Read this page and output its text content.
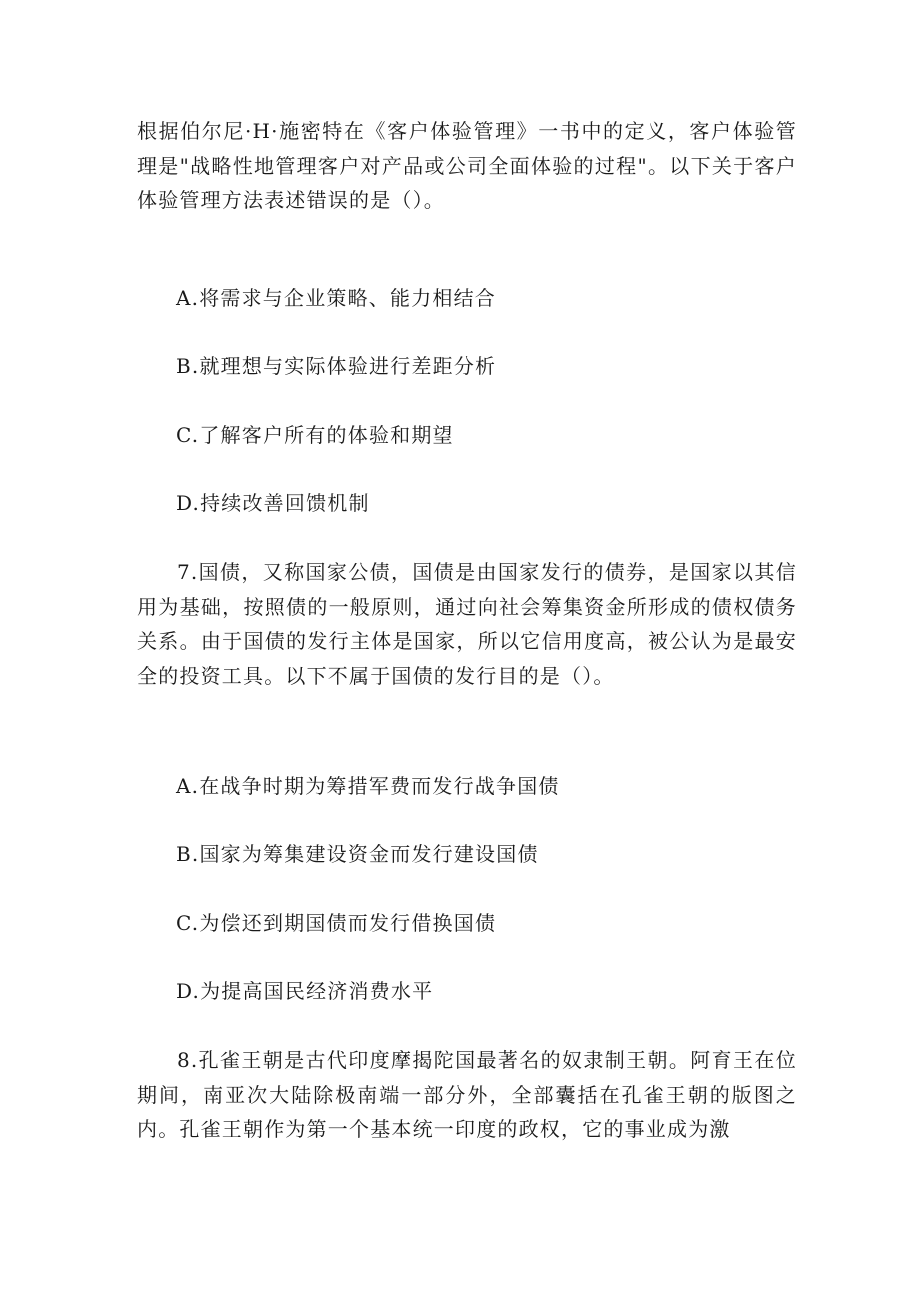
根据伯尔尼·H·施密特在《客户体验管理》一书中的定义，客户体验管理是"战略性地管理客户对产品或公司全面体验的过程"。以下关于客户体验管理方法表述错误的是（）。

A.将需求与企业策略、能力相结合

B.就理想与实际体验进行差距分析

C.了解客户所有的体验和期望

D.持续改善回馈机制

7.国债，又称国家公债，国债是由国家发行的债券，是国家以其信用为基础，按照债的一般原则，通过向社会筹集资金所形成的债权债务关系。由于国债的发行主体是国家，所以它信用度高，被公认为是最安全的投资工具。以下不属于国债的发行目的是（）。

A.在战争时期为筹措军费而发行战争国债

B.国家为筹集建设资金而发行建设国债

C.为偿还到期国债而发行借换国债

D.为提高国民经济消费水平

8.孔雀王朝是古代印度摩揭陀国最著名的奴隶制王朝。阿育王在位期间，南亚次大陆除极南端一部分外，全部囊括在孔雀王朝的版图之内。孔雀王朝作为第一个基本统一印度的政权，它的事业成为激
